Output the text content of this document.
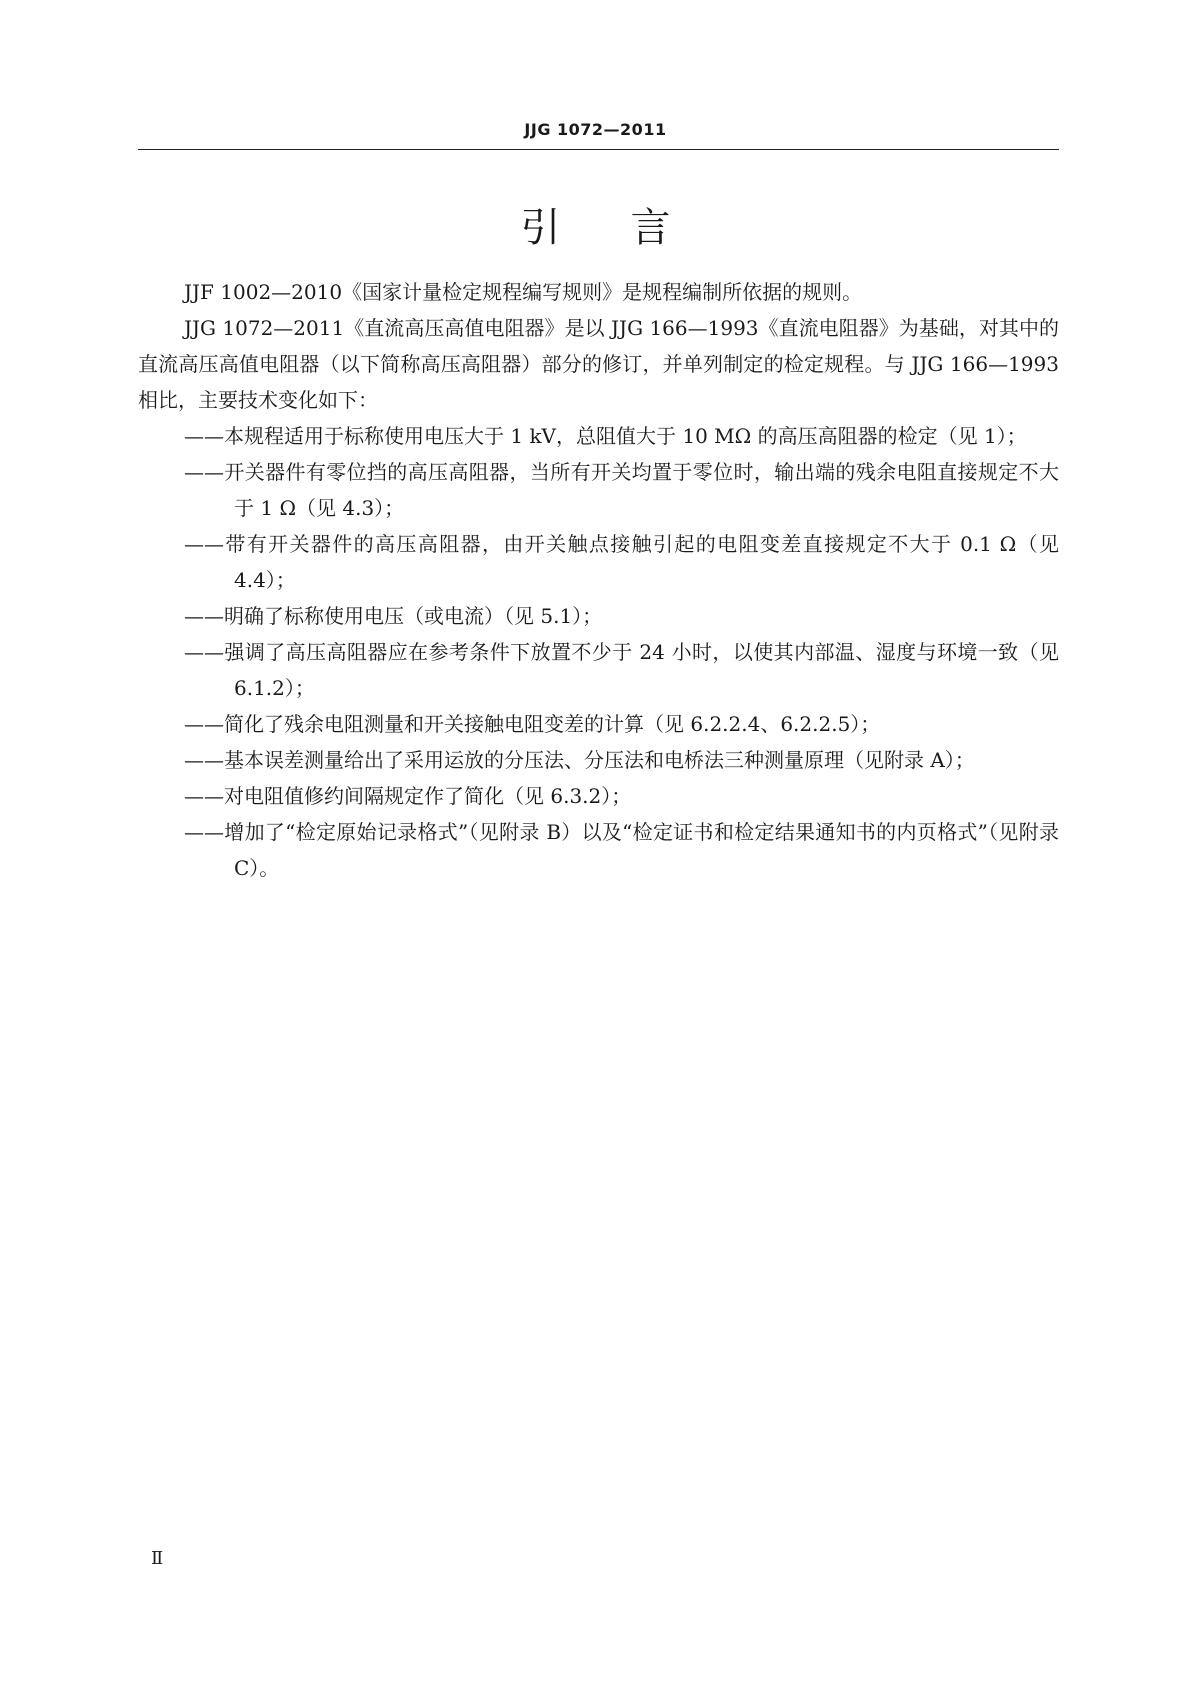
JJG 1072—2011
引言

JJF 1002—2010《国家计量检定规程编写规则》是规程编制所依据的规则。

JJG 1072—2011《直流高压高值电阻器》是以 JJG 166—1993《直流电阻器》为基础，对其中的直流高压高值电阻器（以下简称高压高阻器）部分的修订，并单列制定的检定规程。与 JJG 166—1993 相比，主要技术变化如下：

——本规程适用于标称使用电压大于 1 kV，总阻值大于 10 MΩ 的高压高阻器的检定（见 1）；

——开关器件有零位挡的高压高阻器，当所有开关均置于零位时，输出端的残余电阻直接规定不大于 1 Ω（见 4.3）；

——带有开关器件的高压高阻器，由开关触点接触引起的电阻变差直接规定不大于 0.1 Ω（见 4.4）；

——明确了标称使用电压（或电流）（见 5.1）；

——强调了高压高阻器应在参考条件下放置不少于 24 小时，以使其内部温、湿度与环境一致（见 6.1.2）；

——简化了残余电阻测量和开关接触电阻变差的计算（见 6.2.2.4、6.2.2.5）；

——基本误差测量给出了采用运放的分压法、分压法和电桥法三种测量原理（见附录 A）；

——对电阻值修约间隔规定作了简化（见 6.3.2）；

——增加了“检定原始记录格式”（见附录 B）以及“检定证书和检定结果通知书的内页格式”（见附录 C）。

Ⅱ
